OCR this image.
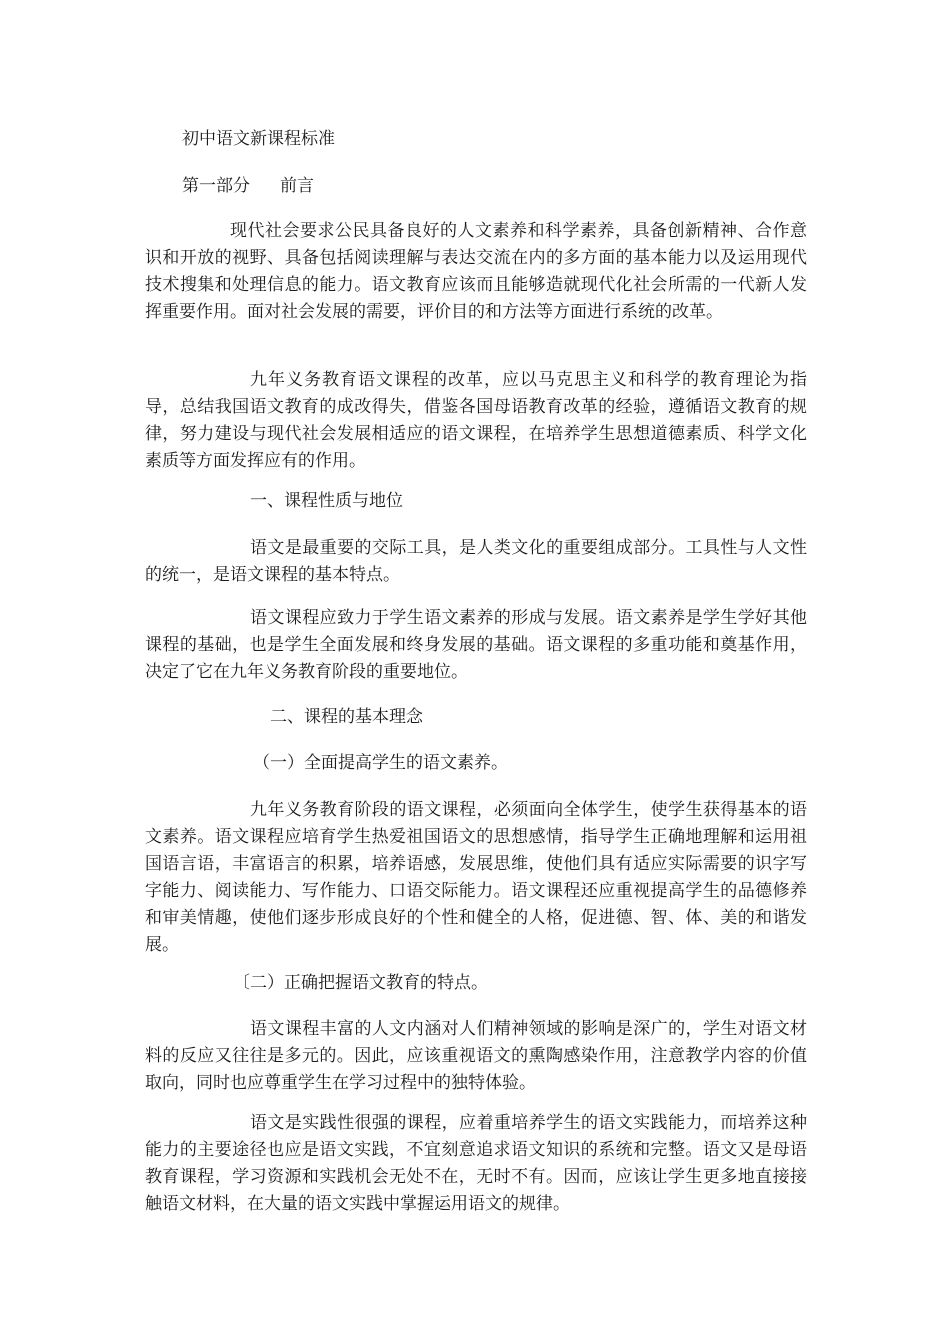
初中语文新课程标准
第一部分 前言
现代社会要求公民具备良好的人文素养和科学素养，具备创新精神、合作意识和开放的视野、具备包括阅读理解与表达交流在内的多方面的基本能力以及运用现代技术搜集和处理信息的能力。语文教育应该而且能够造就现代化社会所需的一代新人发挥重要作用。面对社会发展的需要，评价目的和方法等方面进行系统的改革。
九年义务教育语文课程的改革，应以马克思主义和科学的教育理论为指导，总结我国语文教育的成改得失，借鉴各国母语教育改革的经验，遵循语文教育的规律，努力建设与现代社会发展相适应的语文课程，在培养学生思想道德素质、科学文化素质等方面发挥应有的作用。
一、课程性质与地位
语文是最重要的交际工具，是人类文化的重要组成部分。工具性与人文性的统一，是语文课程的基本特点。
语文课程应致力于学生语文素养的形成与发展。语文素养是学生学好其他课程的基础，也是学生全面发展和终身发展的基础。语文课程的多重功能和奠基作用，决定了它在九年义务教育阶段的重要地位。
二、课程的基本理念
（一）全面提高学生的语文素养。
九年义务教育阶段的语文课程，必须面向全体学生，使学生获得基本的语文素养。语文课程应培育学生热爱祖国语文的思想感情，指导学生正确地理解和运用祖国语言语，丰富语言的积累，培养语感，发展思维，使他们具有适应实际需要的识字写字能力、阅读能力、写作能力、口语交际能力。语文课程还应重视提高学生的品德修养和审美情趣，使他们逐步形成良好的个性和健全的人格，促进德、智、体、美的和谐发展。
〔二）正确把握语文教育的特点。
语文课程丰富的人文内涵对人们精神领域的影响是深广的，学生对语文材料的反应又往往是多元的。因此，应该重视语文的熏陶感染作用，注意教学内容的价值取向，同时也应尊重学生在学习过程中的独特体验。
语文是实践性很强的课程，应着重培养学生的语文实践能力，而培养这种能力的主要途径也应是语文实践，不宜刻意追求语文知识的系统和完整。语文又是母语教育课程，学习资源和实践机会无处不在，无时不有。因而，应该让学生更多地直接接触语文材料，在大量的语文实践中掌握运用语文的规律。
